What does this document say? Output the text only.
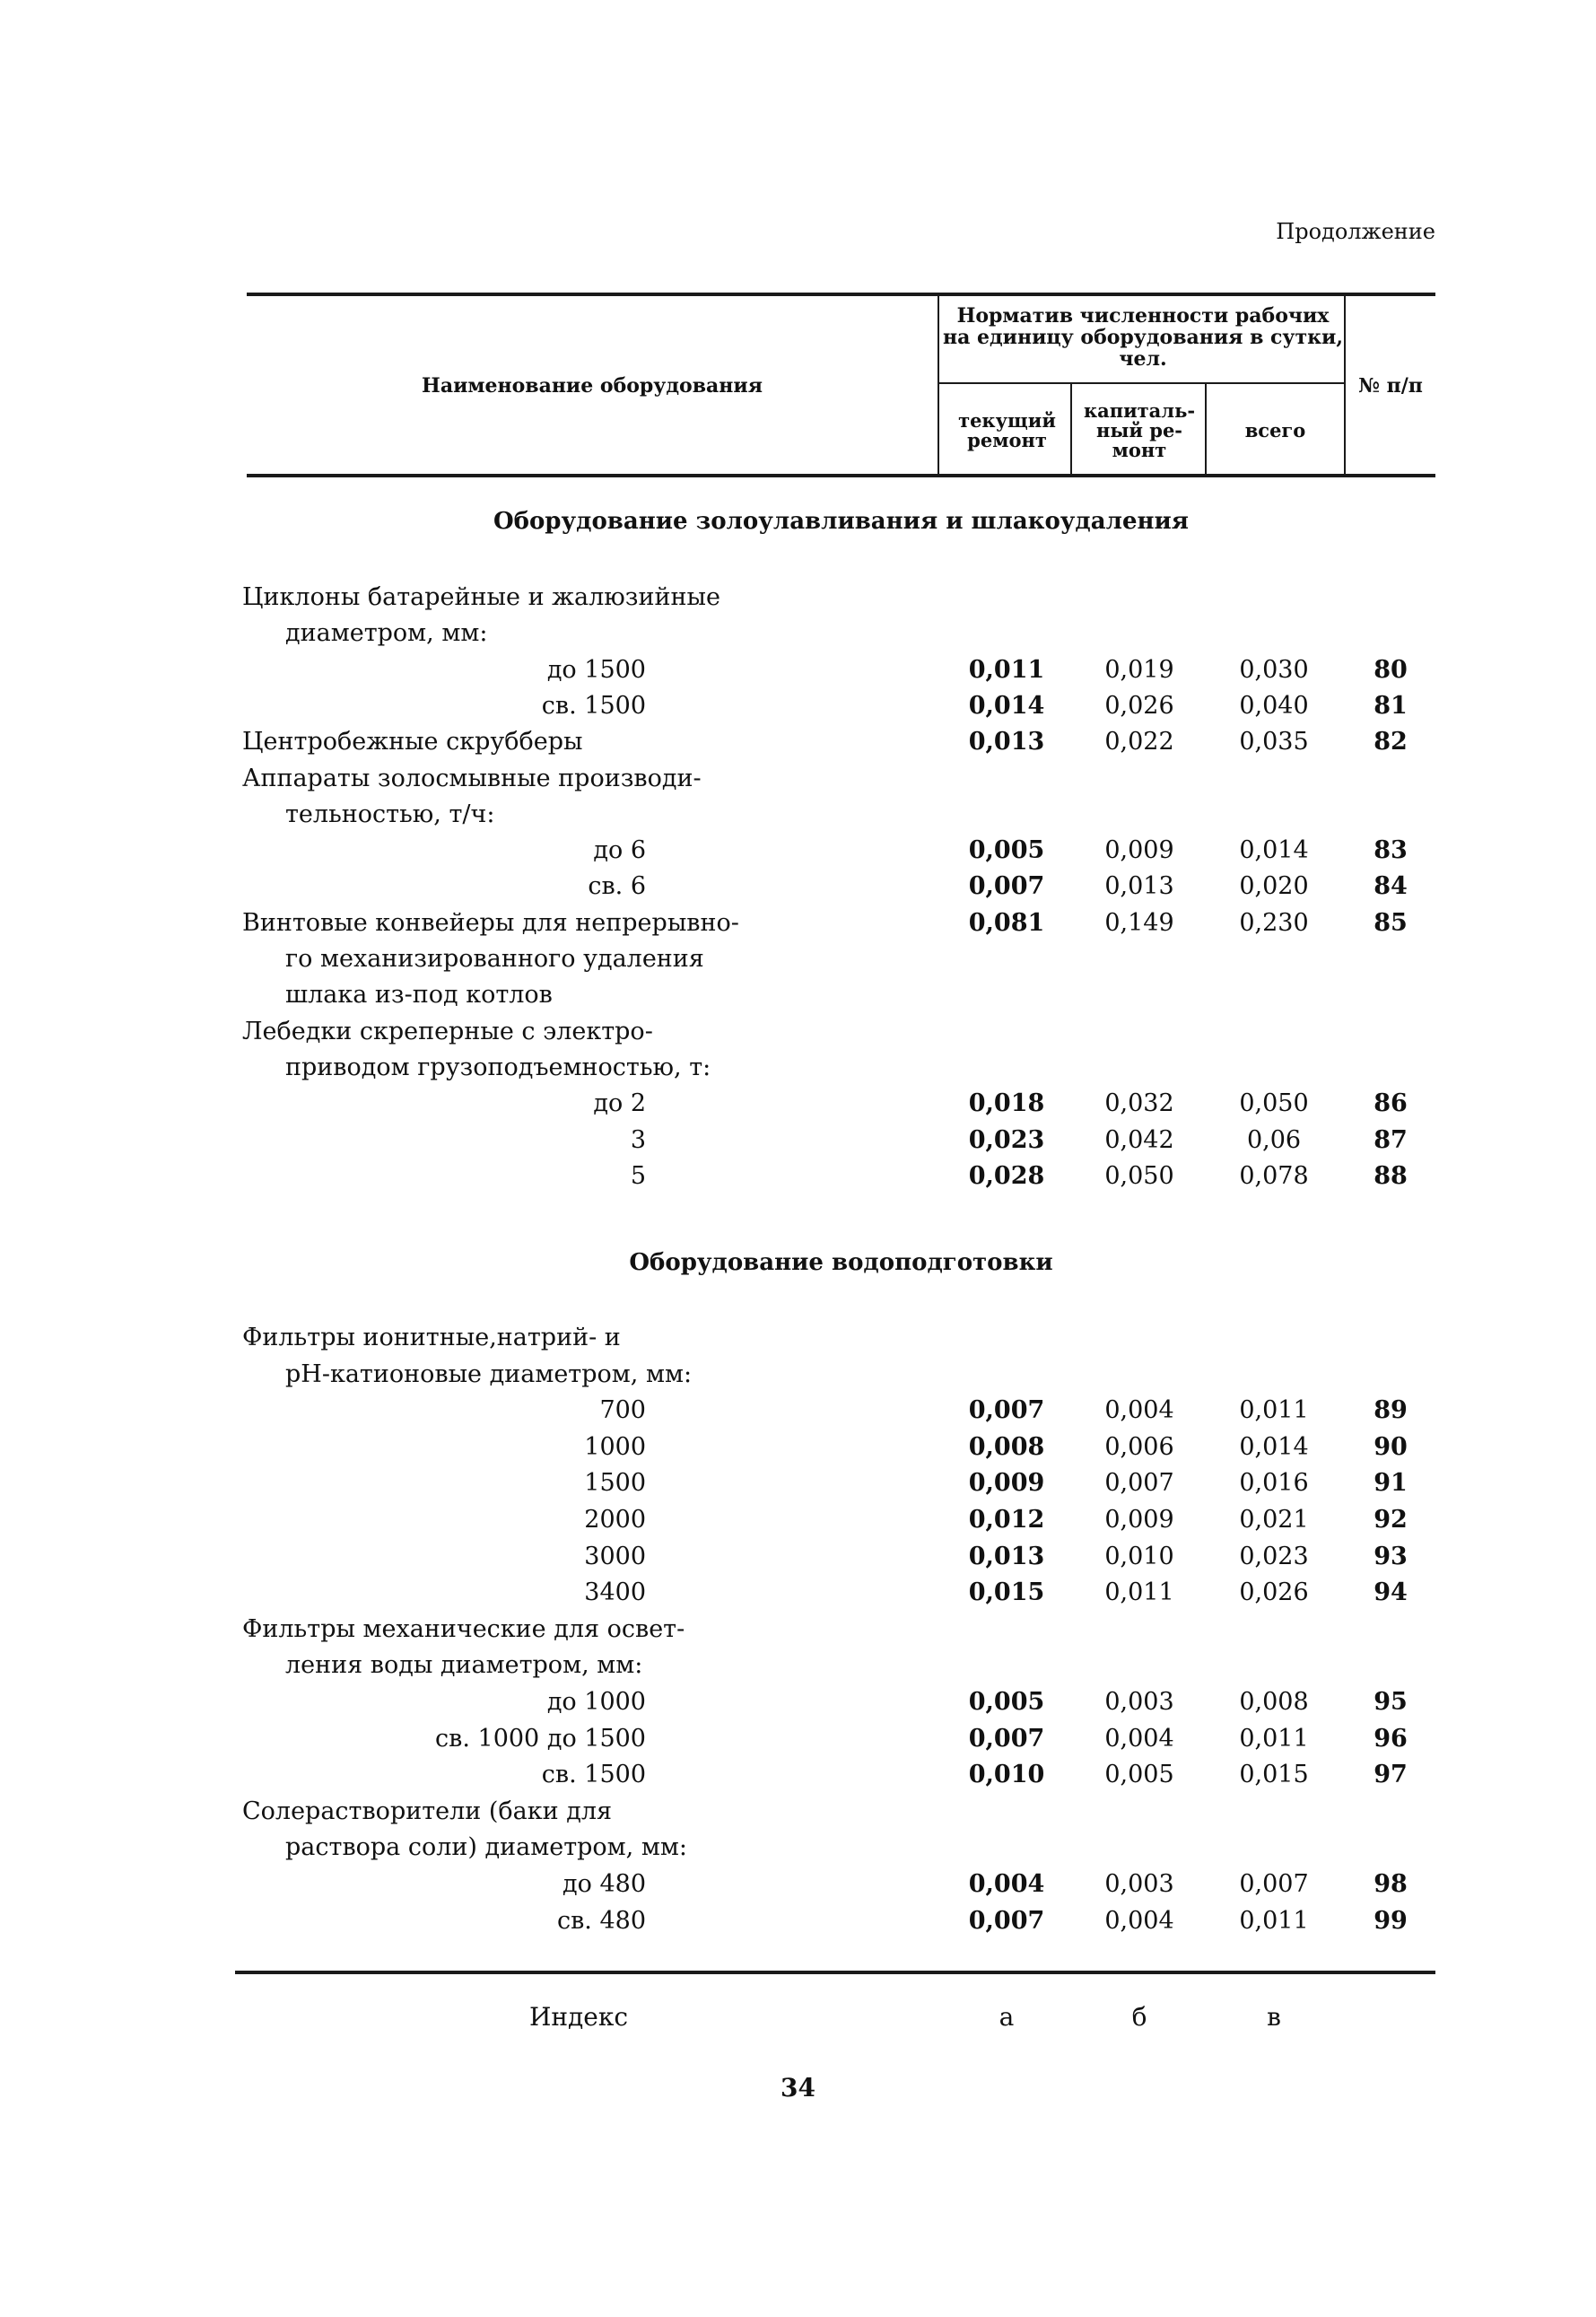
Продолжение
Наименование оборудования
Норматив численности рабочих на единицу оборудования в сутки, чел.
текущий ремонт
капиталь-ный ре-монт
всего
№ п/п
Оборудование золоулавливания и шлакоудаления
Оборудование водоподготовки
Циклоны батарейные и жалюзийные
диаметром, мм:
до 1500	0,011	0,019	0,030	80
св. 1500	0,014	0,026	0,040	81
Центробежные скрубберы	0,013	0,022	0,035	82
Аппараты золосмывные производи-
тельностью, т/ч:
до 6	0,005	0,009	0,014	83
св. 6	0,007	0,013	0,020	84
Винтовые конвейеры для непрерывно-	0,081	0,149	0,230	85
го механизированного удаления
шлака из-под котлов
Лебедки скреперные с электро-
приводом грузоподъемностью, т:
до 2	0,018	0,032	0,050	86
3	0,023	0,042	0,06	87
5	0,028	0,050	0,078	88
Фильтры ионитные,натрий- и
рН-катионовые диаметром, мм:
700	0,007	0,004	0,011	89
1000	0,008	0,006	0,014	90
1500	0,009	0,007	0,016	91
2000	0,012	0,009	0,021	92
3000	0,013	0,010	0,023	93
3400	0,015	0,011	0,026	94
Фильтры механические для освет-
ления воды диаметром, мм:
до 1000	0,005	0,003	0,008	95
св. 1000 до 1500	0,007	0,004	0,011	96
св. 1500	0,010	0,005	0,015	97
Солерастворители (баки для
раствора соли) диаметром, мм:
до 480	0,004	0,003	0,007	98
св. 480	0,007	0,004	0,011	99
Индекс	а	б	в
34
